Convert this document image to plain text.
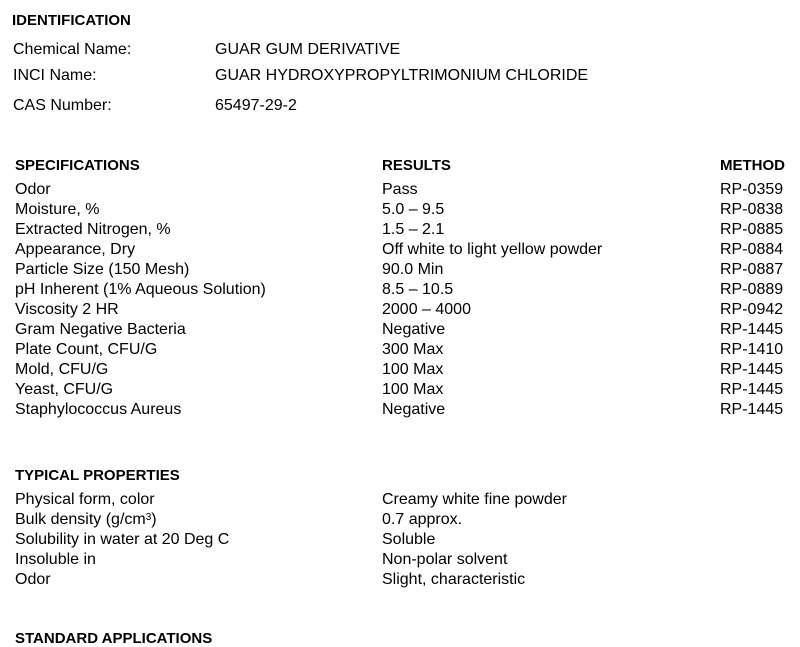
IDENTIFICATION
Chemical Name:	GUAR GUM DERIVATIVE
INCI Name:	GUAR HYDROXYPROPYLTRIMONIUM CHLORIDE
CAS Number:	65497-29-2
SPECIFICATIONS	RESULTS	METHOD
Odor	Pass	RP-0359
Moisture, %	5.0 – 9.5	RP-0838
Extracted Nitrogen, %	1.5 – 2.1	RP-0885
Appearance, Dry	Off white to light yellow powder	RP-0884
Particle Size (150 Mesh)	90.0 Min	RP-0887
pH Inherent (1% Aqueous Solution)	8.5 – 10.5	RP-0889
Viscosity 2 HR	2000 – 4000	RP-0942
Gram Negative Bacteria	Negative	RP-1445
Plate Count, CFU/G	300 Max	RP-1410
Mold, CFU/G	100 Max	RP-1445
Yeast, CFU/G	100 Max	RP-1445
Staphylococcus Aureus	Negative	RP-1445
TYPICAL PROPERTIES
Physical form, color	Creamy white fine powder
Bulk density $(g/cm^3)$	0.7 approx.
Solubility in water at 20 Deg C	Soluble
Insoluble in	Non-polar solvent
Odor	Slight, characteristic
STANDARD APPLICATIONS
